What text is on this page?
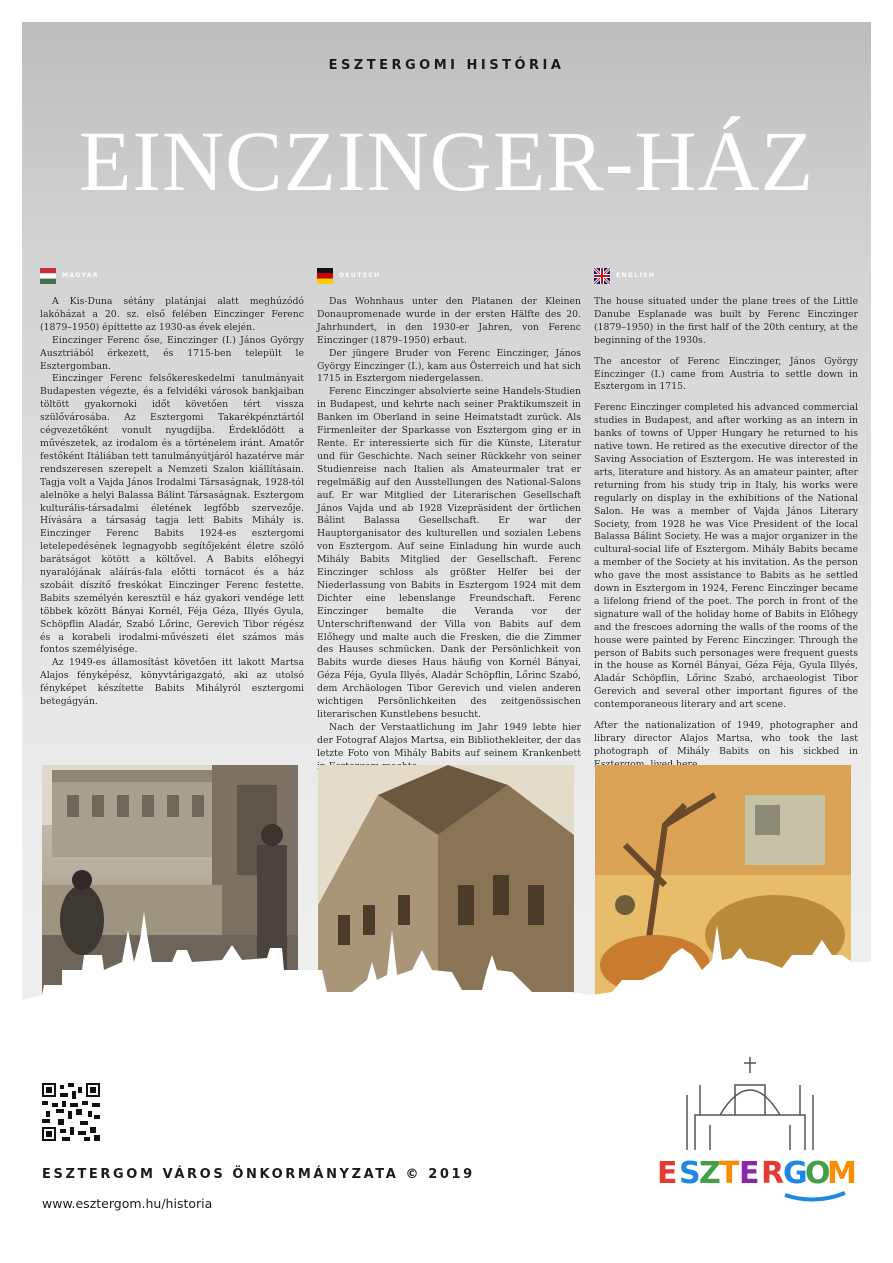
ESZTERGOMI HISTÓRIA
EINCZINGER-HÁZ
MAGYAR

A Kis-Duna sétány platánjai alatt meghúzódó lakóházat a 20. sz. első felében Einczinger Ferenc (1879–1950) építtette az 1930-as évek elején.

Einczinger Ferenc őse, Einczinger (I.) János György Ausztriából érkezett, és 1715-ben települt le Esztergomban.

Einczinger Ferenc felsőkereskedelmi tanulmányait Budapesten végezte, és a felvidéki városok bankjaiban töltött gyakornoki időt követően tért vissza szülővárosába. Az Esztergomi Takarékpénztártól cégvezetőként vonult nyugdíjba. Érdeklődött a művészetek, az irodalom és a történelem iránt. Amatőr festőként Itáliában tett tanulmányútjáról hazatérve már rendszeresen szerepelt a Nemzeti Szalon kiállításain. Tagja volt a Vajda János Irodalmi Társaságnak, 1928-tól alelnöke a helyi Balassa Bálint Társaságnak. Esztergom kulturális-társadalmi életének legfőbb szervezője. Hívására a társaság tagja lett Babits Mihály is. Einczinger Ferenc Babits 1924-es esztergomi letelepedésének legnagyobb segítőjeként életre szóló barátságot kötött a költővel. A Babits előhegyi nyaralójának aláírás-fala előtti tornácot és a ház szobáit díszítő freskókat Einczinger Ferenc festette. Babits személyén keresztül e ház gyakori vendége lett többek között Bányai Kornél, Féja Géza, Illyés Gyula, Schöpflin Aladár, Szabó Lőrinc, Gerevich Tibor régész és a korabeli irodalmi-művészeti élet számos más fontos személyisége.

Az 1949-es államosítást követően itt lakott Martsa Alajos fényképész, könyvtárigazgató, aki az utolsó fényképet készítette Babits Mihályról esztergomi betegágyán.

DEUTSCH

Das Wohnhaus unter den Platanen der Kleinen Donaupromenade wurde in der ersten Hälfte des 20. Jahrhundert, in den 1930-er Jahren, von Ferenc Einczinger (1879–1950) erbaut.

Der jüngere Bruder von Ferenc Einczinger, János György Einczinger (I.), kam aus Österreich und hat sich 1715 in Esztergom niedergelassen.

Ferenc Einczinger absolvierte seine Handels-Studien in Budapest, und kehrte nach seiner Praktikumszeit in Banken im Oberland in seine Heimatstadt zurück. Als Firmenleiter der Sparkasse von Esztergom ging er in Rente. Er interessierte sich für die Künste, Literatur und für Geschichte. Nach seiner Rückkehr von seiner Studienreise nach Italien als Amateurmaler trat er regelmäßig auf den Ausstellungen des National-Salons auf. Er war Mitglied der Literarischen Gesellschaft János Vajda und ab 1928 Vizepräsident der örtlichen Bálint Balassa Gesellschaft. Er war der Hauptorganisator des kulturellen und sozialen Lebens von Esztergom. Auf seine Einladung hin wurde auch Mihály Babits Mitglied der Gesellschaft. Ferenc Einczinger schloss als größter Helfer bei der Niederlassung von Babits in Esztergom 1924 mit dem Dichter eine lebenslange Freundschaft. Ferenc Einczinger bemalte die Veranda vor der Unterschriftenwand der Villa von Babits auf dem Előhegy und malte auch die Fresken, die die Zimmer des Hauses schmücken. Dank der Persönlichkeit von Babits wurde dieses Haus häufig von Kornél Bányai, Géza Féja, Gyula Illyés, Aladár Schöpflin, Lőrinc Szabó, dem Archäologen Tibor Gerevich und vielen anderen wichtigen Persönlichkeiten des zeitgenössischen literarischen Kunstlebens besucht.

Nach der Verstaatlichung im Jahr 1949 lebte hier der Fotograf Alajos Martsa, ein Bibliothekleiter, der das letzte Foto von Mihály Babits auf seinem Krankenbett

ENGLISH

The house situated under the plane trees of the Little Danube Esplanade was built by Ferenc Einczinger (1879–1950) in the first half of the 20th century, at the beginning of the 1930s.

The ancestor of Ferenc Einczinger, János György Einczinger (I.) came from Austria to settle down in Esztergom in 1715.

Ferenc Einczinger completed his advanced commercial studies in Budapest, and after working as an intern in banks of towns of Upper Hungary he returned to his native town. He retired as the executive director of the Saving Association of Esztergom. He was interested in arts, literature and history. As an amateur painter, after returning from his study trip in Italy, his works were regularly on display in the exhibitions of the National Salon. He was a member of Vajda János Literary Society, from 1928 he was Vice President of the local Balassa Bálint Society. He was a major organizer in the cultural-social life of Esztergom. Mihály Babits became a member of the Society at his invitation. As the person who gave the most assistance to Babits as he settled down in Esztergom in 1924, Ferenc Einczinger became a lifelong friend of the poet. The porch in front of the signature wall of the holiday home of Babits in Előhegy and the frescoes adorning the walls of the rooms of the house were painted by Ferenc Einczinger. Through the person of Babits such personages were frequent guests in the house as Kornél Bányai, Géza Féja, Gyula Illyés, Aladár Schöpflin, Lőrinc Szabó, archaeologist Tibor Gerevich and several other important figures of the contemporaneous literary and art scene.

After the nationalization of 1949, photographer and library director Alajos Martsa, who took the last photograph of Mihály Babits on his sickbed in

ESZTERGOM VÁROS ÖNKORMÁNYZATA © 2019
www.esztergom.hu/historia
E S
Z
T E R
G
O
M
ESZTERGOM
